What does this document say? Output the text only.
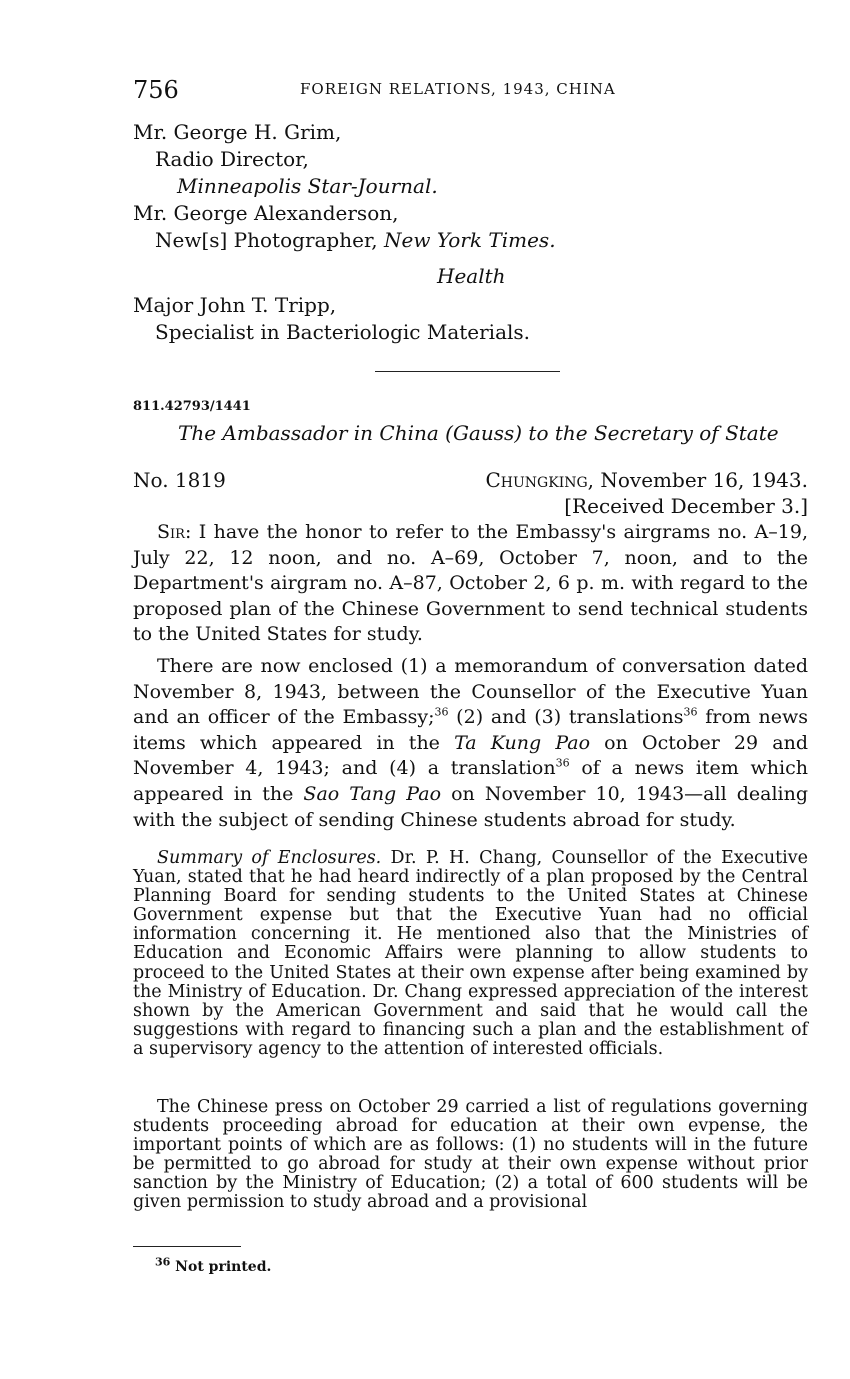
756	FOREIGN RELATIONS, 1943, CHINA
Mr. George H. Grim,
Radio Director,
Minneapolis Star-Journal.
Mr. George Alexanderson,
New[s] Photographer, New York Times.
Health
Major John T. Tripp,
Specialist in Bacteriologic Materials.
811.42793/1441
The Ambassador in China (Gauss) to the Secretary of State
No. 1819	Chungking, November 16, 1943.
[Received December 3.]

Sir: I have the honor to refer to the Embassy's airgrams no. A–19, July 22, 12 noon, and no. A–69, October 7, noon, and to the Department's airgram no. A–87, October 2, 6 p. m. with regard to the proposed plan of the Chinese Government to send technical students to the United States for study.

There are now enclosed (1) a memorandum of conversation dated November 8, 1943, between the Counsellor of the Executive Yuan and an officer of the Embassy;$^{36}$ (2) and (3) translations$^{36}$ from news items which appeared in the Ta Kung Pao on October 29 and November 4, 1943; and (4) a translation$^{36}$ of a news item which appeared in the Sao Tang Pao on November 10, 1943—all dealing with the subject of sending Chinese students abroad for study.

Summary of Enclosures. Dr. P. H. Chang, Counsellor of the Executive Yuan, stated that he had heard indirectly of a plan proposed by the Central Planning Board for sending students to the United States at Chinese Government expense but that the Executive Yuan had no official information concerning it. He mentioned also that the Ministries of Education and Economic Affairs were planning to allow students to proceed to the United States at their own expense after being examined by the Ministry of Education. Dr. Chang expressed appreciation of the interest shown by the American Government and said that he would call the suggestions with regard to financing such a plan and the establishment of a supervisory agency to the attention of interested officials.

The Chinese press on October 29 carried a list of regulations governing students proceeding abroad for education at their own evpense, the important points of which are as follows: (1) no students will in the future be permitted to go abroad for study at their own expense without prior sanction by the Ministry of Education; (2) a total of 600 students will be given permission to study abroad and a provisional

$^{36}$ Not printed.
